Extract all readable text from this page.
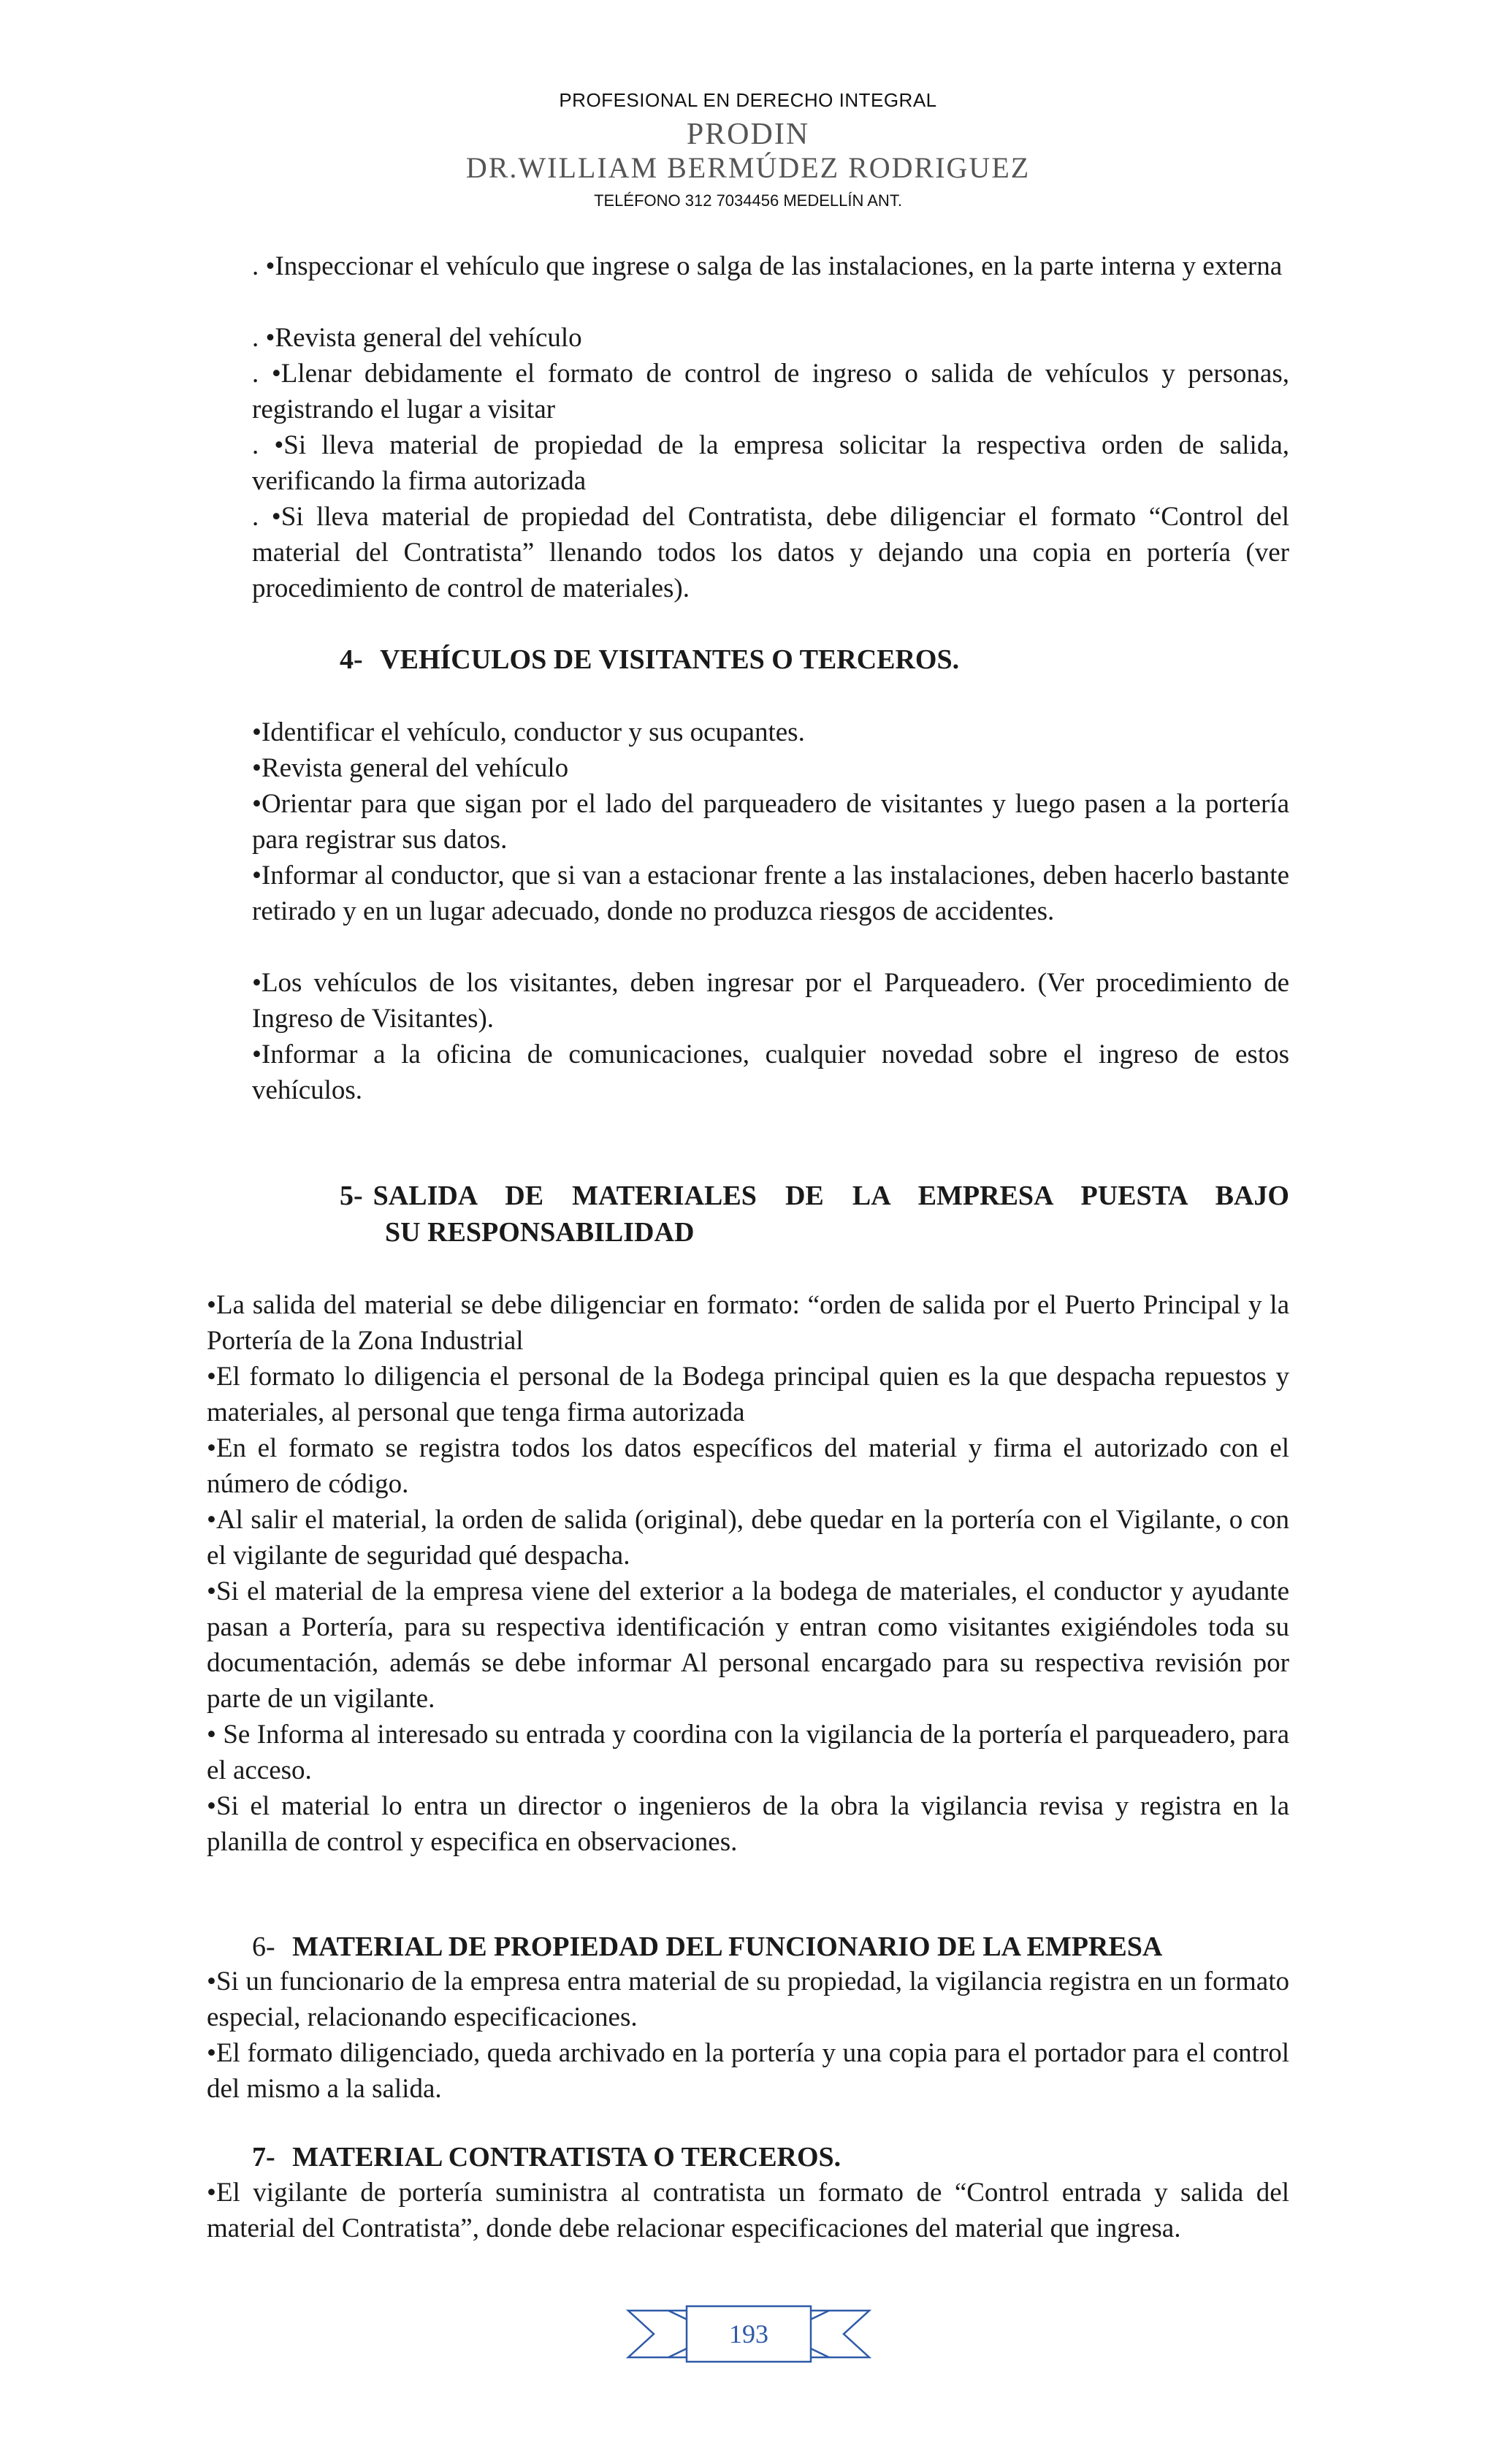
PROFESIONAL EN DERECHO INTEGRAL
PRODIN
DR.WILLIAM BERMÚDEZ RODRIGUEZ
TELÉFONO 312 7034456 MEDELLÍN ANT.

. •Inspeccionar el vehículo que ingrese o salga de las instalaciones, en la parte interna y externa

. •Revista general del vehículo

. •Llenar debidamente el formato de control de ingreso o salida de vehículos y personas, registrando el lugar a visitar

. •Si lleva material de propiedad de la empresa solicitar la respectiva orden de salida, verificando la firma autorizada

. •Si lleva material de propiedad del Contratista, debe diligenciar el formato “Control del material del Contratista” llenando todos los datos y dejando una copia en portería (ver procedimiento de control de materiales).

4- VEHÍCULOS DE VISITANTES O TERCEROS.

•Identificar el vehículo, conductor y sus ocupantes.

•Revista general del vehículo

•Orientar para que sigan por el lado del parqueadero de visitantes y luego pasen a la portería para registrar sus datos.

•Informar al conductor, que si van a estacionar frente a las instalaciones, deben hacerlo bastante retirado y en un lugar adecuado, donde no produzca riesgos de accidentes.

•Los vehículos de los visitantes, deben ingresar por el Parqueadero. (Ver procedimiento de Ingreso de Visitantes).

•Informar a la oficina de comunicaciones, cualquier novedad sobre el ingreso de estos vehículos.

5- SALIDA DE MATERIALES DE LA EMPRESA PUESTA BAJO
SU RESPONSABILIDAD

•La salida del material se debe diligenciar en formato: “orden de salida por el Puerto Principal y la Portería de la Zona Industrial

•El formato lo diligencia el personal de la Bodega principal quien es la que despacha repuestos y materiales, al personal que tenga firma autorizada

•En el formato se registra todos los datos específicos del material y firma el autorizado con el número de código.

•Al salir el material, la orden de salida (original), debe quedar en la portería con el Vigilante, o con el vigilante de seguridad qué despacha.

•Si el material de la empresa viene del exterior a la bodega de materiales, el conductor y ayudante pasan a Portería, para su respectiva identificación y entran como visitantes exigiéndoles toda su documentación, además se debe informar Al personal encargado para su respectiva revisión por parte de un vigilante.

• Se Informa al interesado su entrada y coordina con la vigilancia de la portería el parqueadero, para el acceso.

•Si el material lo entra un director o ingenieros de la obra la vigilancia revisa y registra en la planilla de control y especifica en observaciones.

6- MATERIAL DE PROPIEDAD DEL FUNCIONARIO DE LA EMPRESA

•Si un funcionario de la empresa entra material de su propiedad, la vigilancia registra en un formato especial, relacionando especificaciones.

•El formato diligenciado, queda archivado en la portería y una copia para el portador para el control del mismo a la salida.

7- MATERIAL CONTRATISTA O TERCEROS.

•El vigilante de portería suministra al contratista un formato de “Control entrada y salida del material del Contratista”, donde debe relacionar especificaciones del material que ingresa.

193
